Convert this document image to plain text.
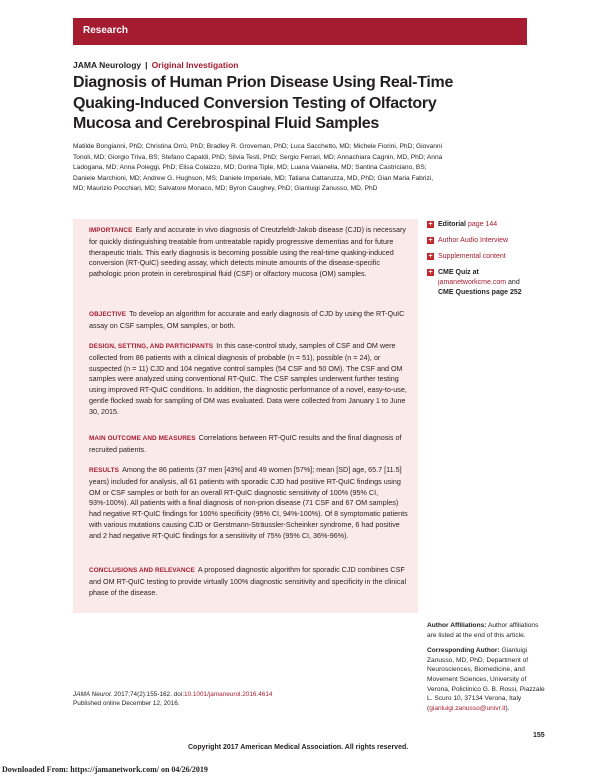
Research
JAMA Neurology | Original Investigation
Diagnosis of Human Prion Disease Using Real-Time Quaking-Induced Conversion Testing of Olfactory Mucosa and Cerebrospinal Fluid Samples
Matilde Bongianni, PhD; Christina Orrù, PhD; Bradley R. Groveman, PhD; Luca Sacchetto, MD; Michele Fiorini, PhD; Giovanni Tonoli, MD; Giorgio Triva, BS; Stefano Capaldi, PhD; Silvia Testi, PhD; Sergio Ferrari, MD; Annachiara Cagnin, MD, PhD; Anna Ladogana, MD; Anna Poleggi, PhD; Elisa Colaizzo, MD; Dorina Tiple, MD; Luana Vaianella, MD; Santina Castriciano, BS; Daniele Marchioni, MD; Andrew G. Hughson, MS; Daniele Imperiale, MD; Tatiana Cattaruzza, MD, PhD; Gian Maria Fabrizi, MD; Maurizio Pocchiari, MD; Salvatore Monaco, MD; Byron Caughey, PhD; Gianluigi Zanusso, MD, PhD

IMPORTANCE Early and accurate in vivo diagnosis of Creutzfeldt-Jakob disease (CJD) is necessary for quickly distinguishing treatable from untreatable rapidly progressive dementias and for future therapeutic trials. This early diagnosis is becoming possible using the real-time quaking-induced conversion (RT-QuIC) seeding assay, which detects minute amounts of the disease-specific pathologic prion protein in cerebrospinal fluid (CSF) or olfactory mucosa (OM) samples.

OBJECTIVE To develop an algorithm for accurate and early diagnosis of CJD by using the RT-QuIC assay on CSF samples, OM samples, or both.

DESIGN, SETTING, AND PARTICIPANTS In this case-control study, samples of CSF and OM were collected from 86 patients with a clinical diagnosis of probable (n = 51), possible (n = 24), or suspected (n = 11) CJD and 104 negative control samples (54 CSF and 50 OM). The CSF and OM samples were analyzed using conventional RT-QuIC. The CSF samples underwent further testing using improved RT-QuIC conditions. In addition, the diagnostic performance of a novel, easy-to-use, gentle flocked swab for sampling of OM was evaluated. Data were collected from January 1 to June 30, 2015.

MAIN OUTCOME AND MEASURES Correlations between RT-QuIC results and the final diagnosis of recruited patients.

RESULTS Among the 86 patients (37 men [43%] and 49 women [57%]; mean [SD] age, 65.7 [11.5] years) included for analysis, all 61 patients with sporadic CJD had positive RT-QuIC findings using OM or CSF samples or both for an overall RT-QuIC diagnostic sensitivity of 100% (95% CI, 93%-100%). All patients with a final diagnosis of non-prion disease (71 CSF and 67 OM samples) had negative RT-QuIC findings for 100% specificity (95% CI, 94%-100%). Of 8 symptomatic patients with various mutations causing CJD or Gerstmann-Sträussler-Scheinker syndrome, 6 had positive and 2 had negative RT-QuIC findings for a sensitivity of 75% (95% CI, 36%-96%).

CONCLUSIONS AND RELEVANCE A proposed diagnostic algorithm for sporadic CJD combines CSF and OM RT-QuIC testing to provide virtually 100% diagnostic sensitivity and specificity in the clinical phase of the disease.

+ Editorial page 144
+ Author Audio Interview
+ Supplemental content
+ CME Quiz at
jamanetworkcme.com and
CME Questions page 252

Author Affiliations: Author affiliations are listed at the end of this article.

Corresponding Author: Gianluigi Zanusso, MD, PhD, Department of Neurosciences, Biomedicine, and Movement Sciences, University of Verona, Policlinico G. B. Rossi, Piazzale L. Scuro 10, 37134 Verona, Italy (gianluigi.zanusso@univr.it).

JAMA Neurol. 2017;74(2):155-162. doi:10.1001/jamaneurol.2016.4614
Published online December 12, 2016.
155
Copyright 2017 American Medical Association. All rights reserved.
Downloaded From: https://jamanetwork.com/ on 04/26/2019
